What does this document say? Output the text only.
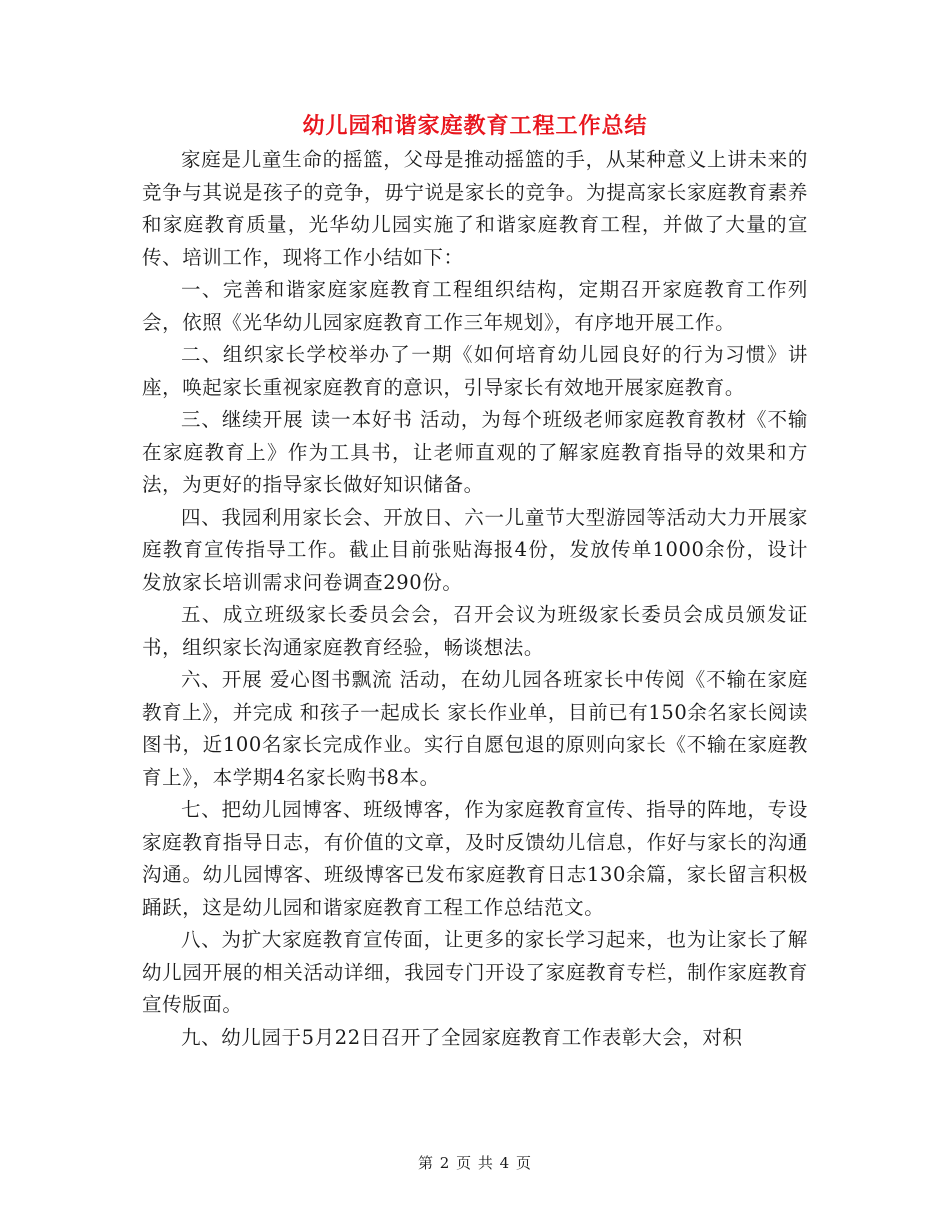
幼儿园和谐家庭教育工程工作总结

家庭是儿童生命的摇篮，父母是推动摇篮的手，从某种意义上讲未来的竞争与其说是孩子的竞争，毋宁说是家长的竞争。为提高家长家庭教育素养和家庭教育质量，光华幼儿园实施了和谐家庭教育工程，并做了大量的宣传、培训工作，现将工作小结如下：

一、完善和谐家庭家庭教育工程组织结构，定期召开家庭教育工作列会，依照《光华幼儿园家庭教育工作三年规划》，有序地开展工作。

二、组织家长学校举办了一期《如何培育幼儿园良好的行为习惯》讲座，唤起家长重视家庭教育的意识，引导家长有效地开展家庭教育。

三、继续开展 读一本好书 活动，为每个班级老师家庭教育教材《不输在家庭教育上》作为工具书，让老师直观的了解家庭教育指导的效果和方法，为更好的指导家长做好知识储备。

四、我园利用家长会、开放日、六一儿童节大型游园等活动大力开展家庭教育宣传指导工作。截止目前张贴海报4份，发放传单1000余份，设计发放家长培训需求问卷调查290份。

五、成立班级家长委员会会，召开会议为班级家长委员会成员颁发证书，组织家长沟通家庭教育经验，畅谈想法。

六、开展 爱心图书飘流 活动，在幼儿园各班家长中传阅《不输在家庭教育上》，并完成 和孩子一起成长 家长作业单，目前已有150余名家长阅读图书，近100名家长完成作业。实行自愿包退的原则向家长《不输在家庭教育上》，本学期4名家长购书8本。

七、把幼儿园博客、班级博客，作为家庭教育宣传、指导的阵地，专设家庭教育指导日志，有价值的文章，及时反馈幼儿信息，作好与家长的沟通沟通。幼儿园博客、班级博客已发布家庭教育日志130余篇，家长留言积极踊跃，这是幼儿园和谐家庭教育工程工作总结范文。

八、为扩大家庭教育宣传面，让更多的家长学习起来，也为让家长了解幼儿园开展的相关活动详细，我园专门开设了家庭教育专栏，制作家庭教育宣传版面。

九、幼儿园于5月22日召开了全园家庭教育工作表彰大会，对积

第 2 页 共 4 页
